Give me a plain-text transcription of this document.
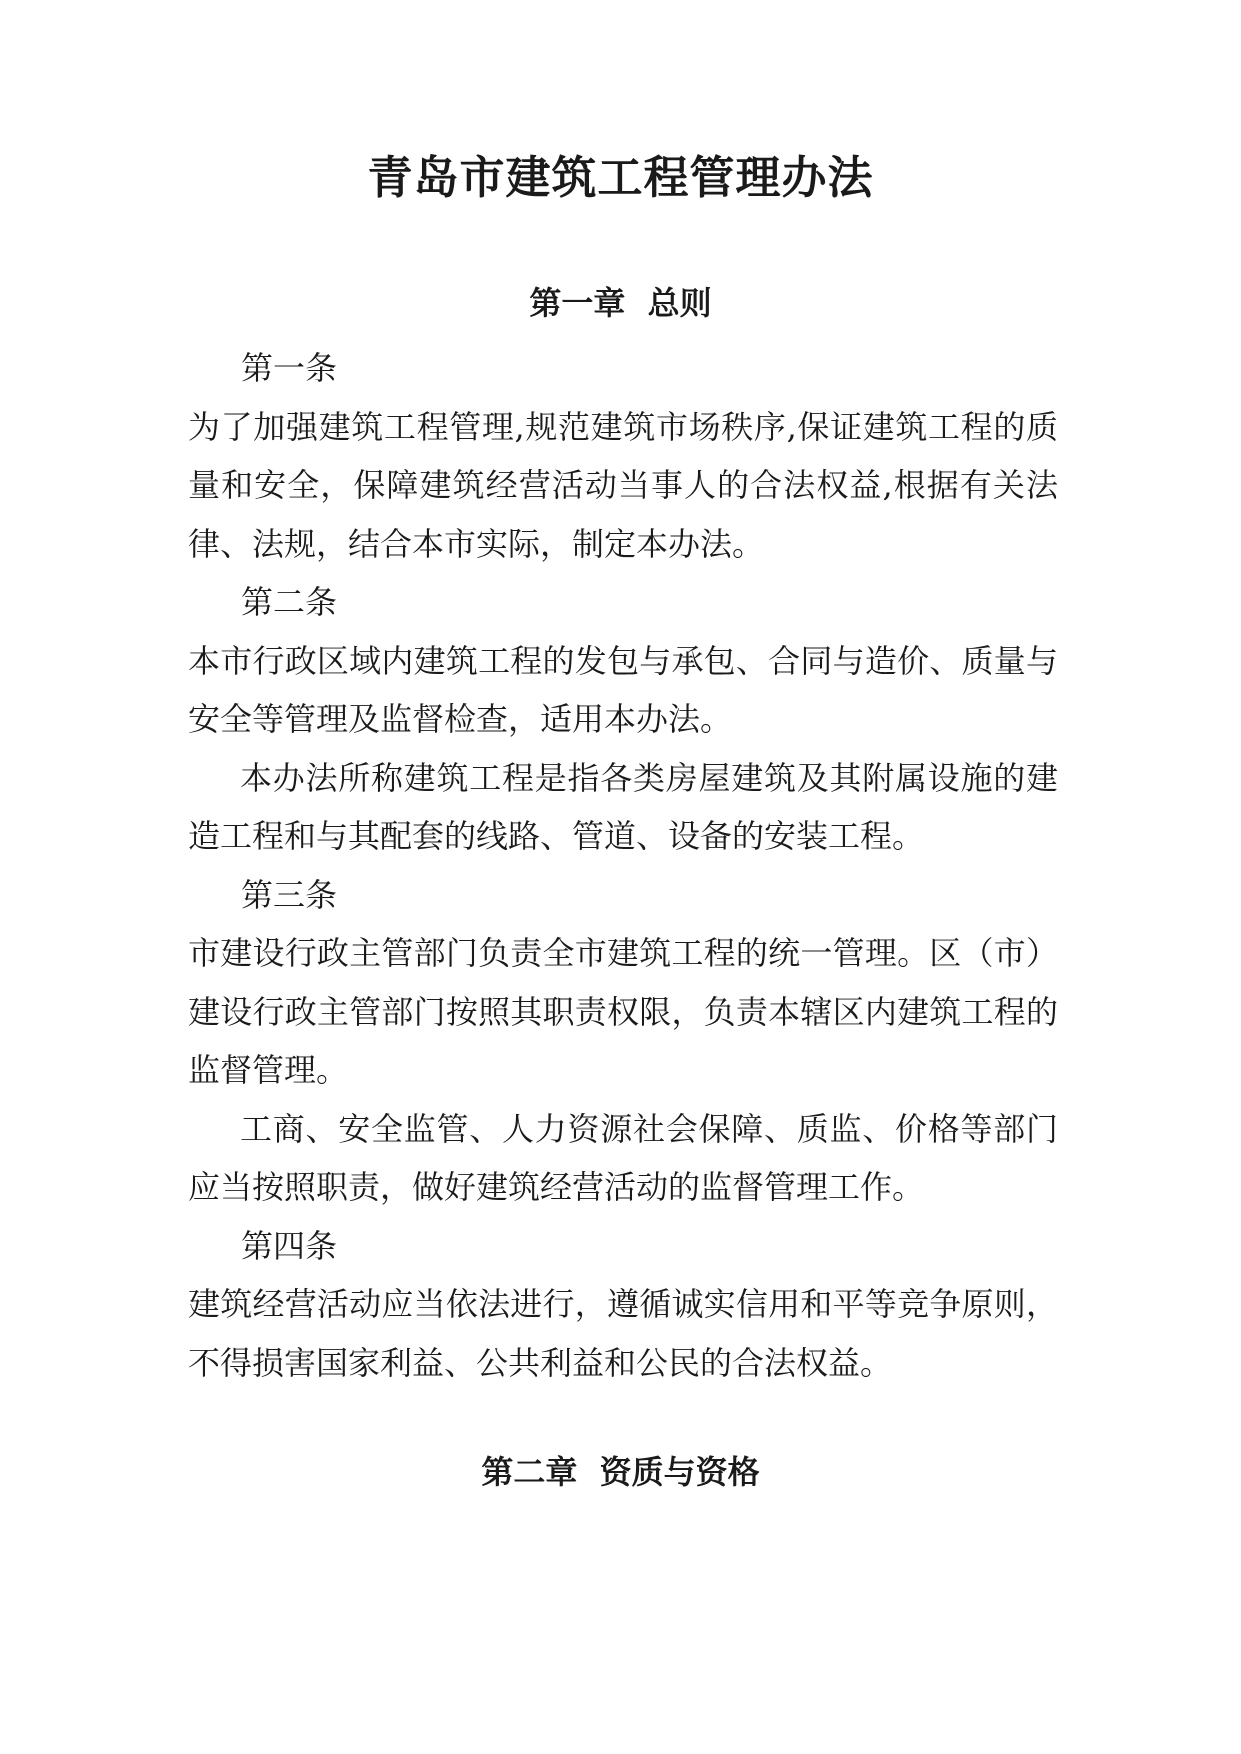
青岛市建筑工程管理办法
第一章  总则

第一条

为了加强建筑工程管理,规范建筑市场秩序,保证建筑工程的质量和安全，保障建筑经营活动当事人的合法权益,根据有关法律、法规，结合本市实际，制定本办法。

第二条

本市行政区域内建筑工程的发包与承包、合同与造价、质量与安全等管理及监督检查，适用本办法。

本办法所称建筑工程是指各类房屋建筑及其附属设施的建造工程和与其配套的线路、管道、设备的安装工程。

第三条

市建设行政主管部门负责全市建筑工程的统一管理。区（市）建设行政主管部门按照其职责权限，负责本辖区内建筑工程的监督管理。

工商、安全监管、人力资源社会保障、质监、价格等部门应当按照职责，做好建筑经营活动的监督管理工作。

第四条

建筑经营活动应当依法进行，遵循诚实信用和平等竞争原则，不得损害国家利益、公共利益和公民的合法权益。

第二章  资质与资格
